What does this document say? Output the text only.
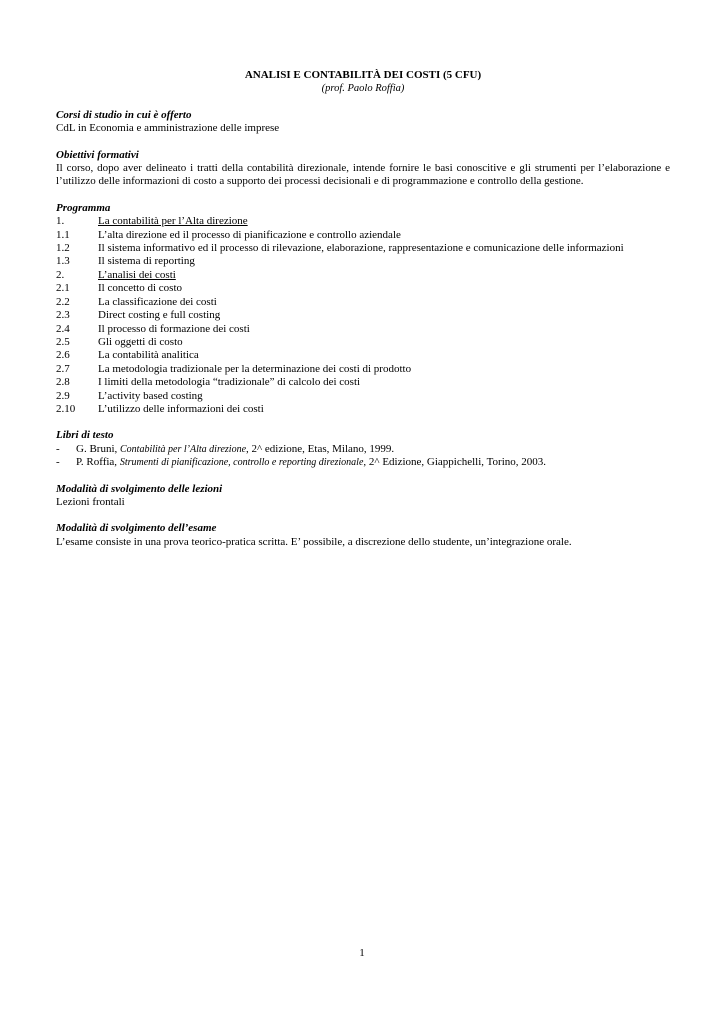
ANALISI E CONTABILITÀ DEI COSTI (5 CFU)
(prof. Paolo Roffia)
Corsi di studio in cui è offerto
CdL in Economia e amministrazione delle imprese
Obiettivi formativi
Il corso, dopo aver delineato i tratti della contabilità direzionale, intende fornire le basi conoscitive e gli strumenti per l’elaborazione e l’utilizzo delle informazioni di costo a supporto dei processi decisionali e di programmazione e controllo della gestione.
Programma
1.	La contabilità per l’Alta direzione
1.1	L’alta direzione ed il processo di pianificazione e controllo aziendale
1.2	Il sistema informativo ed il processo di rilevazione, elaborazione, rappresentazione e comunicazione delle informazioni
1.3	Il sistema di reporting
2.	L’analisi dei costi
2.1	Il concetto di costo
2.2	La classificazione dei costi
2.3	Direct costing e full costing
2.4	Il processo di formazione dei costi
2.5	Gli oggetti di costo
2.6	La contabilità analitica
2.7	La metodologia tradizionale per la determinazione dei costi di prodotto
2.8	I limiti della metodologia “tradizionale” di calcolo dei costi
2.9	L’activity based costing
2.10	L’utilizzo delle informazioni dei costi
Libri di testo
-	G. Bruni, Contabilità per l’Alta direzione, 2^ edizione, Etas, Milano, 1999.
-	P. Roffia, Strumenti di pianificazione, controllo e reporting direzionale, 2^ Edizione, Giappichelli, Torino, 2003.
Modalità di svolgimento delle lezioni
Lezioni frontali
Modalità di svolgimento dell’esame
L’esame consiste in una prova teorico-pratica scritta. E’ possibile, a discrezione dello studente, un’integrazione orale.
1
